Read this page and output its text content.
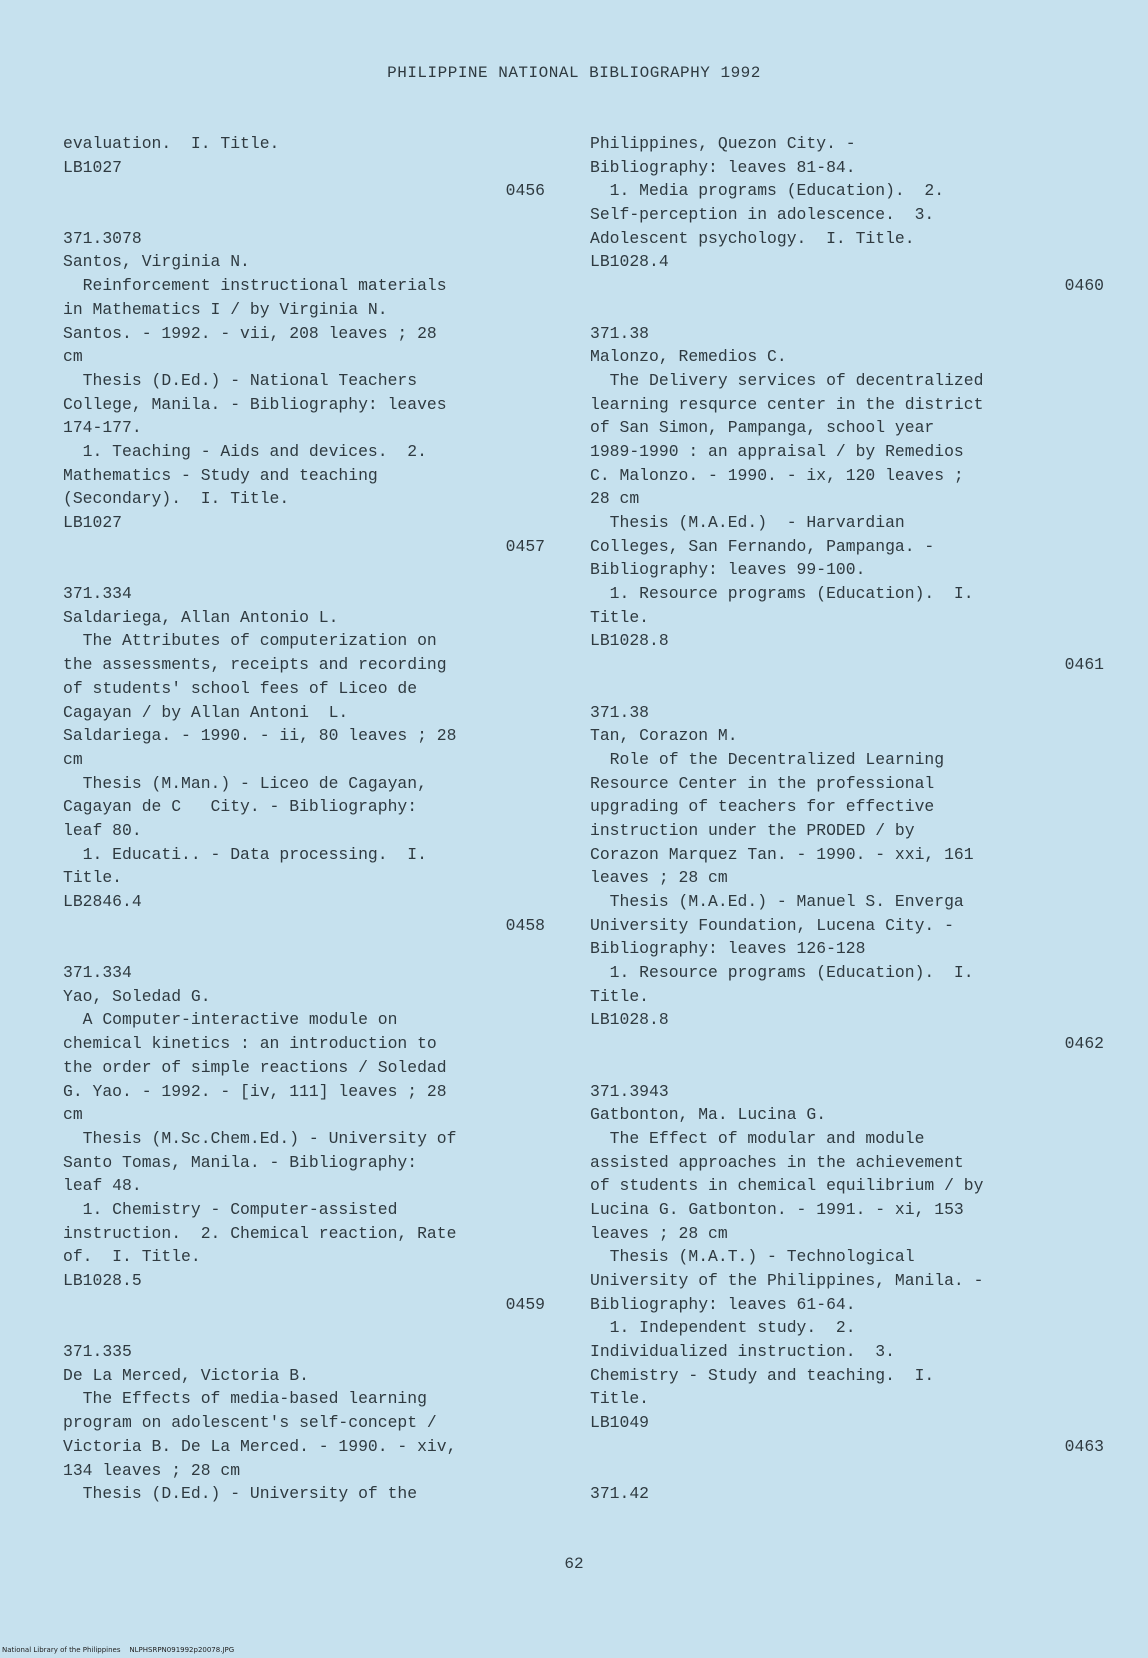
PHILIPPINE NATIONAL BIBLIOGRAPHY 1992
evaluation.  I. Title.
LB1027
0456
371.3078
Santos, Virginia N.
Reinforcement instructional materials
in Mathematics I / by Virginia N.
Santos. - 1992. - vii, 208 leaves ; 28
cm
Thesis (D.Ed.) - National Teachers
College, Manila. - Bibliography: leaves
174-177.
1. Teaching - Aids and devices.  2.
Mathematics - Study and teaching
(Secondary).  I. Title.
LB1027
0457
371.334
Saldariega, Allan Antonio L.
The Attributes of computerization on
the assessments, receipts and recording
of students' school fees of Liceo de
Cagayan / by Allan Antoni  L.
Saldariega. - 1990. - ii, 80 leaves ; 28
cm
Thesis (M.Man.) - Liceo de Cagayan,
Cagayan de C   City. - Bibliography:
leaf 80.
1. Educati.. - Data processing.  I.
Title.
LB2846.4
0458
371.334
Yao, Soledad G.
A Computer-interactive module on
chemical kinetics : an introduction to
the order of simple reactions / Soledad
G. Yao. - 1992. - [iv, 111] leaves ; 28
cm
Thesis (M.Sc.Chem.Ed.) - University of
Santo Tomas, Manila. - Bibliography:
leaf 48.
1. Chemistry - Computer-assisted
instruction.  2. Chemical reaction, Rate
of.  I. Title.
LB1028.5
0459
371.335
De La Merced, Victoria B.
The Effects of media-based learning
program on adolescent's self-concept /
Victoria B. De La Merced. - 1990. - xiv,
134 leaves ; 28 cm
Thesis (D.Ed.) - University of the
Philippines, Quezon City. -
Bibliography: leaves 81-84.
1. Media programs (Education).  2.
Self-perception in adolescence.  3.
Adolescent psychology.  I. Title.
LB1028.4
0460
371.38
Malonzo, Remedios C.
The Delivery services of decentralized
learning resqurce center in the district
of San Simon, Pampanga, school year
1989-1990 : an appraisal / by Remedios
C. Malonzo. - 1990. - ix, 120 leaves ;
28 cm
Thesis (M.A.Ed.)  - Harvardian
Colleges, San Fernando, Pampanga. -
Bibliography: leaves 99-100.
1. Resource programs (Education).  I.
Title.
LB1028.8
0461
371.38
Tan, Corazon M.
Role of the Decentralized Learning
Resource Center in the professional
upgrading of teachers for effective
instruction under the PRODED / by
Corazon Marquez Tan. - 1990. - xxi, 161
leaves ; 28 cm
Thesis (M.A.Ed.) - Manuel S. Enverga
University Foundation, Lucena City. -
Bibliography: leaves 126-128
1. Resource programs (Education).  I.
Title.
LB1028.8
0462
371.3943
Gatbonton, Ma. Lucina G.
The Effect of modular and module
assisted approaches in the achievement
of students in chemical equilibrium / by
Lucina G. Gatbonton. - 1991. - xi, 153
leaves ; 28 cm
Thesis (M.A.T.) - Technological
University of the Philippines, Manila. -
Bibliography: leaves 61-64.
1. Independent study.  2.
Individualized instruction.  3.
Chemistry - Study and teaching.  I.
Title.
LB1049
0463
371.42
62
National Library of the Philippines    NLPHSRPN091992p20078.JPG
